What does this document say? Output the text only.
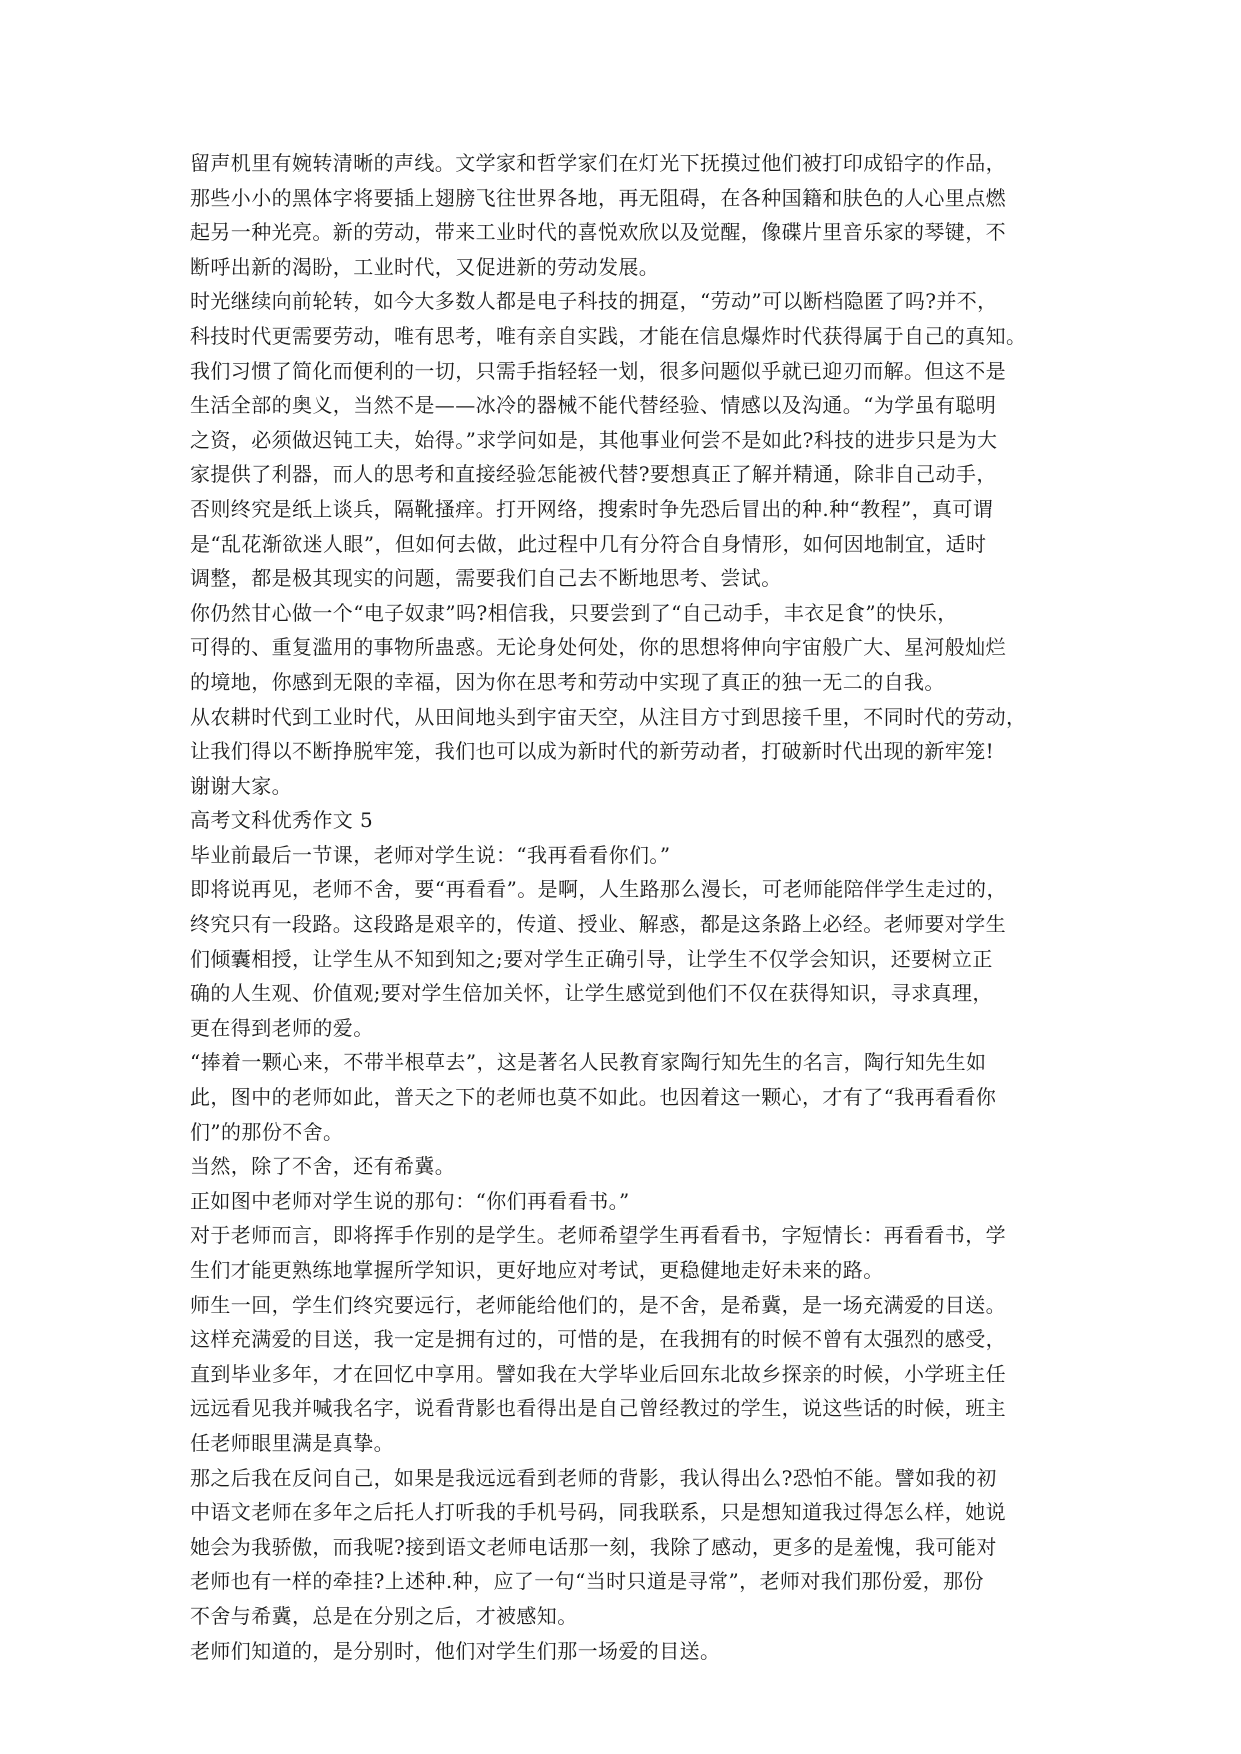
留声机里有婉转清晰的声线。文学家和哲学家们在灯光下抚摸过他们被打印成铅字的作品，
那些小小的黑体字将要插上翅膀飞往世界各地，再无阻碍，在各种国籍和肤色的人心里点燃
起另一种光亮。新的劳动，带来工业时代的喜悦欢欣以及觉醒，像碟片里音乐家的琴键，不
断呼出新的渴盼，工业时代，又促进新的劳动发展。
时光继续向前轮转，如今大多数人都是电子科技的拥趸，“劳动”可以断档隐匿了吗?并不，
科技时代更需要劳动，唯有思考，唯有亲自实践，才能在信息爆炸时代获得属于自己的真知。
我们习惯了简化而便利的一切，只需手指轻轻一划，很多问题似乎就已迎刃而解。但这不是
生活全部的奥义，当然不是——冰冷的器械不能代替经验、情感以及沟通。“为学虽有聪明
之资，必须做迟钝工夫，始得。”求学问如是，其他事业何尝不是如此?科技的进步只是为大
家提供了利器，而人的思考和直接经验怎能被代替?要想真正了解并精通，除非自己动手，
否则终究是纸上谈兵，隔靴搔痒。打开网络，搜索时争先恐后冒出的种.种“教程”，真可谓
是“乱花渐欲迷人眼”，但如何去做，此过程中几有分符合自身情形，如何因地制宜，适时
调整，都是极其现实的问题，需要我们自己去不断地思考、尝试。
你仍然甘心做一个“电子奴隶”吗?相信我，只要尝到了“自己动手，丰衣足食”的快乐，
可得的、重复滥用的事物所蛊惑。无论身处何处，你的思想将伸向宇宙般广大、星河般灿烂
的境地，你感到无限的幸福，因为你在思考和劳动中实现了真正的独一无二的自我。
从农耕时代到工业时代，从田间地头到宇宙天空，从注目方寸到思接千里，不同时代的劳动，
让我们得以不断挣脱牢笼，我们也可以成为新时代的新劳动者，打破新时代出现的新牢笼!
谢谢大家。
高考文科优秀作文 5
毕业前最后一节课，老师对学生说：“我再看看你们。”
即将说再见，老师不舍，要“再看看”。是啊，人生路那么漫长，可老师能陪伴学生走过的，
终究只有一段路。这段路是艰辛的，传道、授业、解惑，都是这条路上必经。老师要对学生
们倾囊相授，让学生从不知到知之;要对学生正确引导，让学生不仅学会知识，还要树立正
确的人生观、价值观;要对学生倍加关怀，让学生感觉到他们不仅在获得知识，寻求真理，
更在得到老师的爱。
“捧着一颗心来，不带半根草去”，这是著名人民教育家陶行知先生的名言，陶行知先生如
此，图中的老师如此，普天之下的老师也莫不如此。也因着这一颗心，才有了“我再看看你
们”的那份不舍。
当然，除了不舍，还有希冀。
正如图中老师对学生说的那句：“你们再看看书。”
对于老师而言，即将挥手作别的是学生。老师希望学生再看看书，字短情长：再看看书，学
生们才能更熟练地掌握所学知识，更好地应对考试，更稳健地走好未来的路。
师生一回，学生们终究要远行，老师能给他们的，是不舍，是希冀，是一场充满爱的目送。
这样充满爱的目送，我一定是拥有过的，可惜的是，在我拥有的时候不曾有太强烈的感受，
直到毕业多年，才在回忆中享用。譬如我在大学毕业后回东北故乡探亲的时候，小学班主任
远远看见我并喊我名字，说看背影也看得出是自己曾经教过的学生，说这些话的时候，班主
任老师眼里满是真挚。
那之后我在反问自己，如果是我远远看到老师的背影，我认得出么?恐怕不能。譬如我的初
中语文老师在多年之后托人打听我的手机号码，同我联系，只是想知道我过得怎么样，她说
她会为我骄傲，而我呢?接到语文老师电话那一刻，我除了感动，更多的是羞愧，我可能对
老师也有一样的牵挂?上述种.种，应了一句“当时只道是寻常”，老师对我们那份爱，那份
不舍与希冀，总是在分别之后，才被感知。
老师们知道的，是分别时，他们对学生们那一场爱的目送。
